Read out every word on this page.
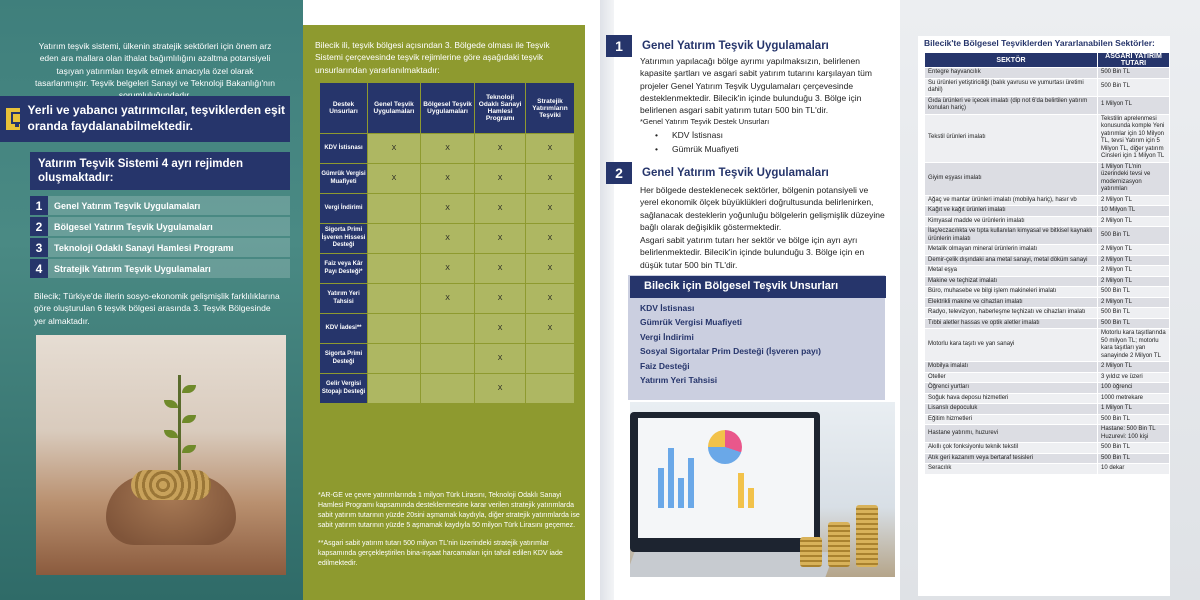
Yatırım teşvik sistemi, ülkenin stratejik sektörleri için önem arz eden ara mallara olan ithalat bağımlılığını azaltma potansiyeli taşıyan yatırımları teşvik etmek amacıyla özel olarak tasarlanmıştır. Teşvik belgeleri Sanayi ve Teknoloji Bakanlığı'nın

Yerli ve yabancı yatırımcılar, teşviklerden eşit oranda faydalanabilmektedir.
Yatırım Teşvik Sistemi 4 ayrı rejimden oluşmaktadır:
1	Genel Yatırım Teşvik Uygulamaları
2	Bölgesel Yatırım Teşvik Uygulamaları
3	Teknoloji Odaklı Sanayi Hamlesi Programı
4	Stratejik Yatırım Teşvik Uygulamaları

Bilecik; Türkiye'de illerin sosyo-ekonomik gelişmişlik farklılıklarına göre oluşturulan 6 teşvik bölgesi arasında 3. Teşvik Bölgesinde yer almaktadır.

Bilecik ili, teşvik bölgesi açısından 3. Bölgede olması ile Teşvik Sistemi çerçevesinde teşvik rejimlerine göre aşağıdaki teşvik unsurlarından yararlanılmaktadır:

Destek Unsurları	Genel Teşvik Uygulamaları	Bölgesel Teşvik Uygulamaları	Teknoloji Odaklı Sanayi Hamlesi Programı	Stratejik Yatırımların Teşviki
KDV İstisnası	X	X	X	X
Gümrük Vergisi Muafiyeti	X	X	X	X
Vergi İndirimi		X	X	X
Sigorta Primi İşveren Hissesi Desteği		X	X	X
Faiz veya Kâr Payı Desteği*		X	X	X
Yatırım Yeri Tahsisi		X	X	X
KDV İadesi**			X	X
Sigorta Primi Desteği			X	
Gelir Vergisi Stopajı Desteği			X	

*AR-GE ve çevre yatırımlarında 1 milyon Türk Lirasını, Teknoloji Odaklı Sanayi Hamlesi Programı kapsamında desteklenmesine karar verilen stratejik yatırımlarda sabit yatırım tutarının yüzde 20sini aşmamak kaydıyla, diğer stratejik yatırımlarda ise sabit yatırım tutarının yüzde 5 aşmamak kaydıyla 50 milyon Türk Lirasını geçemez.

**Asgari sabit yatırım tutarı 500 milyon TL'nin üzerindeki stratejik yatırımlar kapsamında gerçekleştirilen bina-inşaat harcamaları için tahsil edilen KDV iade edilmektedir.

1	Genel Yatırım Teşvik Uygulamaları

Yatırımın yapılacağı bölge ayrımı yapılmaksızın, belirlenen kapasite şartları ve asgari sabit yatırım tutarını karşılayan tüm projeler Genel Yatırım Teşvik Uygulamaları çerçevesinde desteklenmektedir. Bilecik'in içinde bulunduğu 3. Bölge için belirlenen asgari sabit yatırım tutarı 500 bin TL'dir.

*Genel Yatırım Teşvik Destek Unsurları

• KDV İstisnası
• Gümrük Muafiyeti
2	Genel Yatırım Teşvik Uygulamaları

Her bölgede desteklenecek sektörler, bölgenin potansiyeli ve yerel ekonomik ölçek büyüklükleri doğrultusunda belirlenirken, sağlanacak desteklerin yoğunluğu bölgelerin gelişmişlik düzeyine bağlı olarak değişiklik göstermektedir.

Asgari sabit yatırım tutarı her sektör ve bölge için ayrı ayrı belirlenmektedir. Bilecik'in içinde bulunduğu 3. Bölge için en düşük tutar 500 bin TL'dir.

Bilecik için Bölgesel Teşvik Unsurları
KDV İstisnası
Gümrük Vergisi Muafiyeti
Vergi İndirimi
Sosyal Sigortalar Prim Desteği (İşveren payı)
Faiz Desteği
Yatırım Yeri Tahsisi
Bilecik'te Bölgesel Teşviklerden Yararlanabilen Sektörler:
SEKTÖR	ASGARİ YATIRIM TUTARI
Entegre hayvancılık	500 Bin TL
Su ürünleri yetiştiriciliği (balık yavrusu ve yumurtası üretimi dahil)	500 Bin TL
Gıda ürünleri ve içecek imalatı (dip not 6'da belirtilen yatırım konuları hariç)	1 Milyon TL
Tekstil ürünleri imalatı	Tekstilin aprelenmesi konusunda komple Yeni yatırımlar için 10 Milyon TL, tevsi Yatırım için 5 Milyon TL, diğer yatırım Cinsleri için 1 Milyon TL
Giyim eşyası imalatı	1 Milyon TL'nin üzerindeki tevsi ve modernizasyon yatırımları
Ağaç ve mantar ürünleri imalatı (mobilya hariç), hasır vb	2 Milyon TL
Kağıt ve kağıt ürünleri imalatı	10 Milyon TL
Kimyasal madde ve ürünlerin imalatı	2 Milyon TL
İlaç/eczacılıkta ve tıpta kullanılan kimyasal ve bitkisel kaynaklı ürünlerin imalatı	500 Bin TL
Metalik olmayan mineral ürünlerin imalatı	2 Milyon TL
Demir-çelik dışındaki ana metal sanayi, metal döküm sanayi	2 Milyon TL
Metal eşya	2 Milyon TL
Makine ve teçhizat imalatı	2 Milyon TL
Büro, muhasebe ve bilgi işlem makineleri imalatı	500 Bin TL
Elektrikli makine ve cihazları imalatı	2 Milyon TL
Radyo, televizyon, haberleşme teçhizatı ve cihazları imalatı	500 Bin TL
Tıbbi aletler hassas ve optik aletler imalatı	500 Bin TL
Motorlu kara taşıtı ve yan sanayi	Motorlu kara taşıtlarında 50 milyon TL; motorlu kara taşıtları yan sanayinde 2 Milyon TL
Mobilya imalatı	2 Milyon TL
Oteller	3 yıldız ve üzeri
Öğrenci yurtları	100 öğrenci
Soğuk hava deposu hizmetleri	1000 metrekare
Lisanslı depoculuk	1 Milyon TL
Eğitim hizmetleri	500 Bin TL
Hastane yatırımı, huzurevi	Hastane: 500 Bin TL Huzurevi: 100 kişi
Akıllı çok fonksiyonlu teknik tekstil	500 Bin TL
Atık geri kazanım veya bertaraf tesisleri	500 Bin TL
Seracılık	10 dekar
